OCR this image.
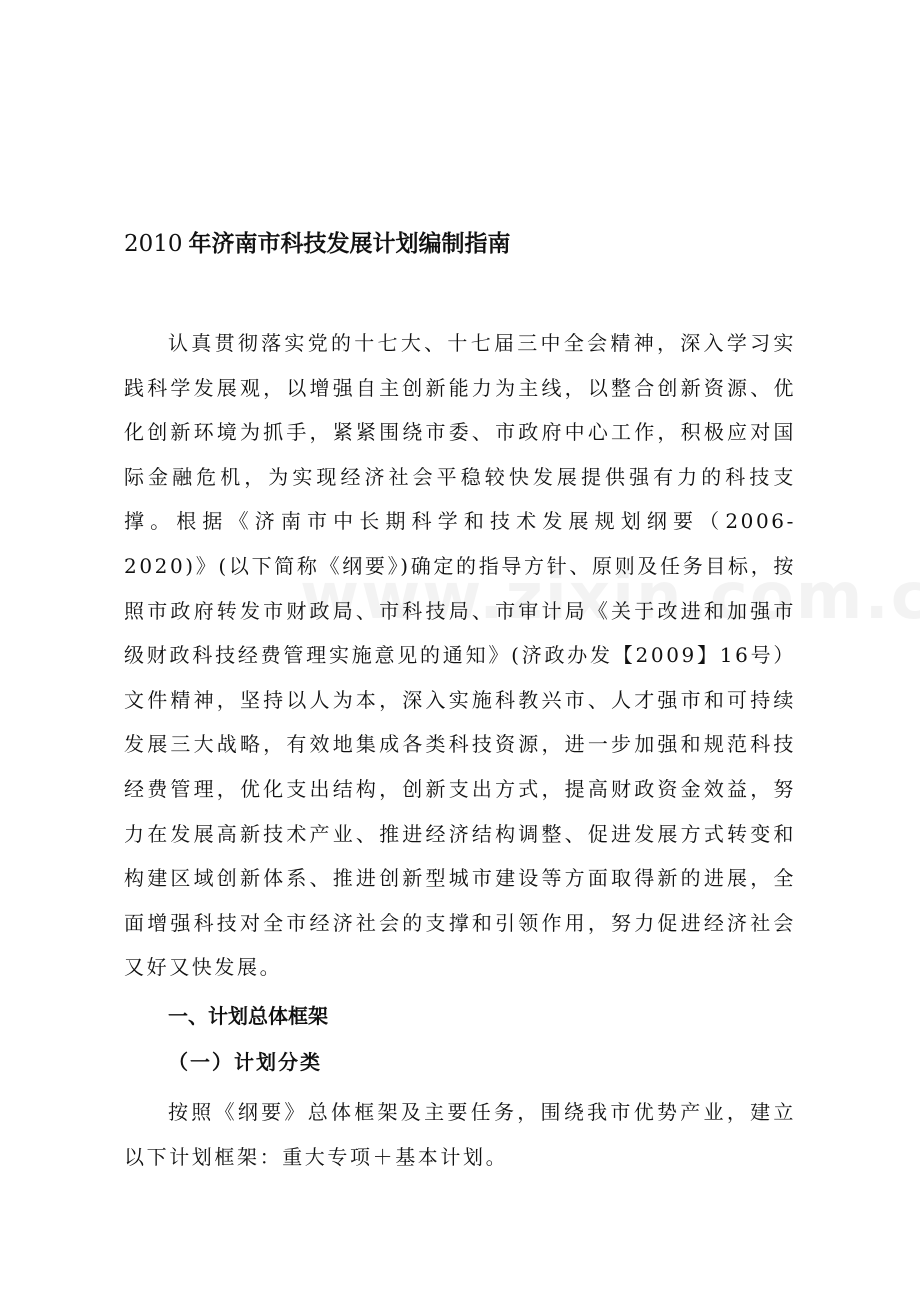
2010 年济南市科技发展计划编制指南

认真贯彻落实党的十七大、十七届三中全会精神，深入学习实践科学发展观，以增强自主创新能力为主线，以整合创新资源、优化创新环境为抓手，紧紧围绕市委、市政府中心工作，积极应对国际金融危机，为实现经济社会平稳较快发展提供强有力的科技支撑。根据《济南市中长期科学和技术发展规划纲要（2006-2020)》(以下简称《纲要》)确定的指导方针、原则及任务目标，按照市政府转发市财政局、市科技局、市审计局《关于改进和加强市级财政科技经费管理实施意见的通知》(济政办发【2009】16号）文件精神，坚持以人为本，深入实施科教兴市、人才强市和可持续发展三大战略，有效地集成各类科技资源，进一步加强和规范科技经费管理，优化支出结构，创新支出方式，提高财政资金效益，努力在发展高新技术产业、推进经济结构调整、促进发展方式转变和构建区域创新体系、推进创新型城市建设等方面取得新的进展，全面增强科技对全市经济社会的支撑和引领作用，努力促进经济社会又好又快发展。

一、计划总体框架
（一）计划分类

按照《纲要》总体框架及主要任务，围绕我市优势产业，建立以下计划框架：重大专项＋基本计划。
